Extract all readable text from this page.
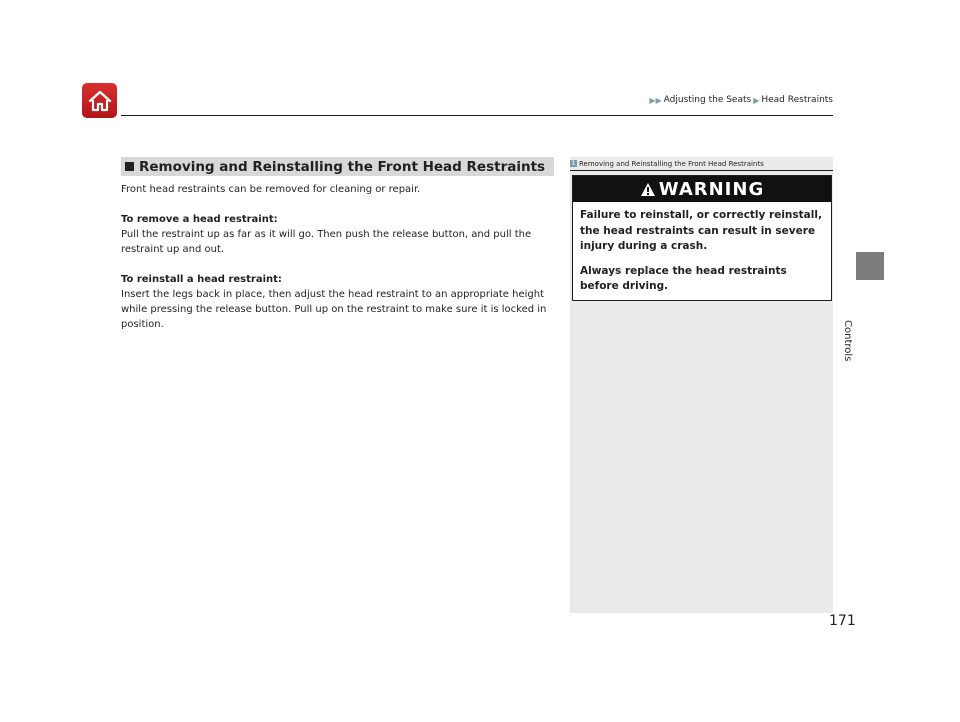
▶▶ Adjusting the Seats ▶ Head Restraints
Controls
Removing and Reinstalling the Front Head Restraints

Front head restraints can be removed for cleaning or repair.

To remove a head restraint:

Pull the restraint up as far as it will go. Then push the release button, and pull the restraint up and out.

To reinstall a head restraint:

Insert the legs back in place, then adjust the head restraint to an appropriate height while pressing the release button. Pull up on the restraint to make sure it is locked in position.

1 Removing and Reinstalling the Front Head Restraints
WARNING

Failure to reinstall, or correctly reinstall, the head restraints can result in severe injury during a crash.

Always replace the head restraints before driving.

171
